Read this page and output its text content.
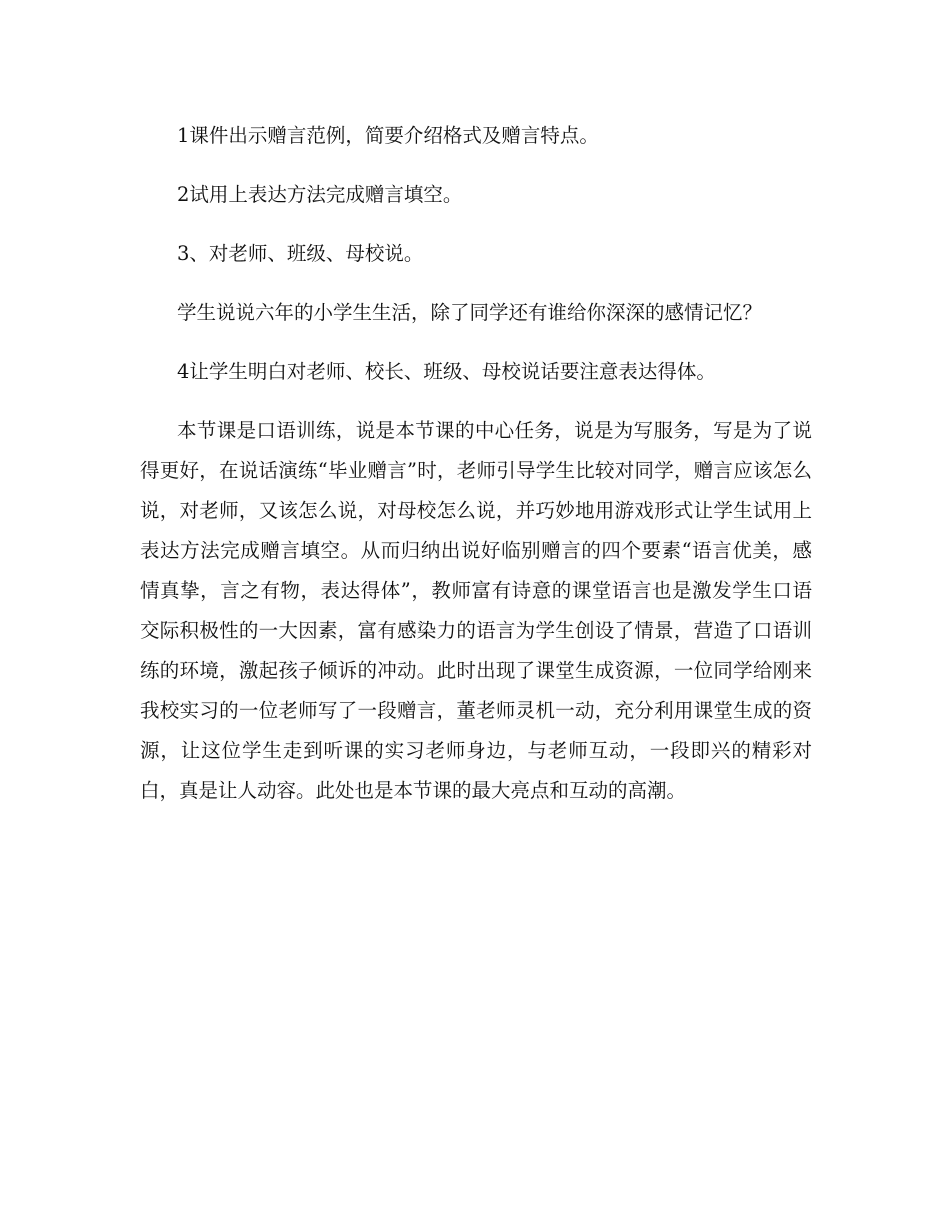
1课件出示赠言范例，简要介绍格式及赠言特点。

2试用上表达方法完成赠言填空。

3、对老师、班级、母校说。

学生说说六年的小学生生活，除了同学还有谁给你深深的感情记忆？

4让学生明白对老师、校长、班级、母校说话要注意表达得体。

本节课是口语训练，说是本节课的中心任务，说是为写服务，写是为了说得更好，在说话演练“毕业赠言”时，老师引导学生比较对同学，赠言应该怎么说，对老师，又该怎么说，对母校怎么说，并巧妙地用游戏形式让学生试用上表达方法完成赠言填空。从而归纳出说好临别赠言的四个要素“语言优美，感情真挚，言之有物，表达得体”，教师富有诗意的课堂语言也是激发学生口语交际积极性的一大因素，富有感染力的语言为学生创设了情景，营造了口语训练的环境，激起孩子倾诉的冲动。此时出现了课堂生成资源，一位同学给刚来我校实习的一位老师写了一段赠言，董老师灵机一动，充分利用课堂生成的资源，让这位学生走到听课的实习老师身边，与老师互动，一段即兴的精彩对白，真是让人动容。此处也是本节课的最大亮点和互动的高潮。
